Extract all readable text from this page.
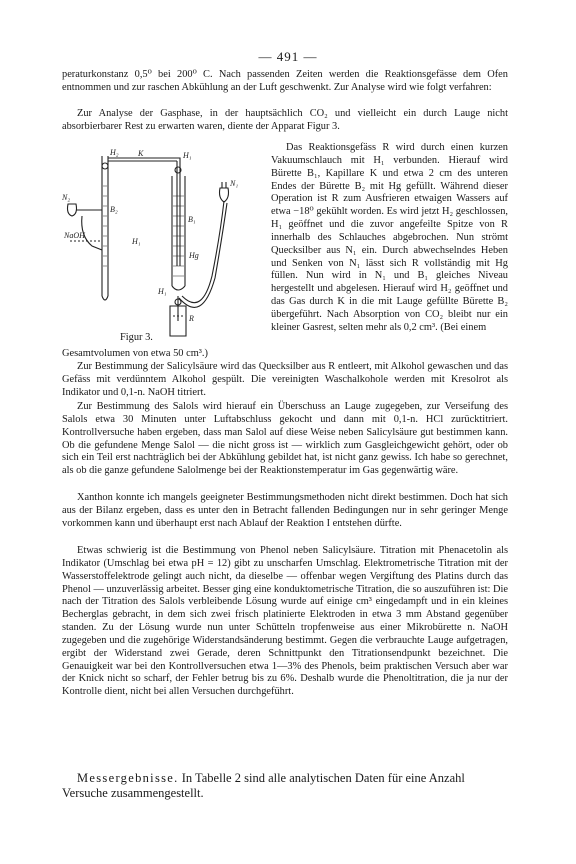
— 491 —

peraturkonstanz 0,5⁰ bei 200⁰ C. Nach passenden Zeiten werden die Reaktionsgefässe dem Ofen entnommen und zur raschen Abkühlung an der Luft geschwenkt. Zur Analyse wird wie folgt verfahren:

Zur Analyse der Gasphase, in der hauptsächlich CO₂ und vielleicht ein durch Lauge nicht absorbierbarer Rest zu erwarten waren, diente der Apparat Figur 3.

H₂ K	H₁
N₁
N₂
B₂
B₁
NaOH
H₁
Hg
H₁
R
Figur 3.

Das Reaktionsgefäss R wird durch einen kurzen Vakuumschlauch mit H₁ verbunden. Hierauf wird Bürette B₁, Kapillare K und etwa 2 cm des unteren Endes der Bürette B₂ mit Hg gefüllt. Während dieser Operation ist R zum Ausfrieren etwaigen Wassers auf etwa −18⁰ gekühlt worden. Es wird jetzt H₂ geschlossen, H₁ geöffnet und die zuvor angefeilte Spitze von R innerhalb des Schlauches abgebrochen. Nun strömt Quecksilber aus N₁ ein. Durch abwechselndes Heben und Senken von N₁ lässt sich R vollständig mit Hg füllen. Nun wird in N₁ und B₁ gleiches Niveau hergestellt und abgelesen. Hierauf wird H₂ geöffnet und das Gas durch K in die mit Lauge gefüllte Bürette B₂ übergeführt. Nach Absorption von CO₂ bleibt nur ein kleiner Gasrest, selten mehr als 0,2 cm³. (Bei einem

Gesamtvolumen von etwa 50 cm³.)

Zur Bestimmung der Salicylsäure wird das Quecksilber aus R entleert, mit Alkohol gewaschen und das Gefäss mit verdünntem Alkohol gespült. Die vereinigten Waschalkohole werden mit Kresolrot als Indikator und 0,1-n. NaOH titriert.

Zur Bestimmung des Salols wird hierauf ein Überschuss an Lauge zugegeben, zur Verseifung des Salols etwa 30 Minuten unter Luftabschluss gekocht und dann mit 0,1-n. HCl zurücktitriert. Kontrollversuche haben ergeben, dass man Salol auf diese Weise neben Salicylsäure gut bestimmen kann. Ob die gefundene Menge Salol — die nicht gross ist — wirklich zum Gasgleichgewicht gehört, oder ob sich ein Teil erst nachträglich bei der Abkühlung gebildet hat, ist nicht ganz gewiss. Ich habe so gerechnet, als ob die ganze gefundene Salolmenge bei der Reaktionstemperatur im Gas gegenwärtig wäre.

Xanthon konnte ich mangels geeigneter Bestimmungsmethoden nicht direkt bestimmen. Doch hat sich aus der Bilanz ergeben, dass es unter den in Betracht fallenden Bedingungen nur in sehr geringer Menge vorkommen kann und überhaupt erst nach Ablauf der Reaktion I entstehen dürfte.

Etwas schwierig ist die Bestimmung von Phenol neben Salicylsäure. Titration mit Phenacetolin als Indikator (Umschlag bei etwa pH = 12) gibt zu unscharfen Umschlag. Elektrometrische Titration mit der Wasserstoffelektrode gelingt auch nicht, da dieselbe — offenbar wegen Vergiftung des Platins durch das Phenol — unzuverlässig arbeitet. Besser ging eine konduktometrische Titration, die so auszuführen ist: Die nach der Titration des Salols verbleibende Lösung wurde auf einige cm³ eingedampft und in ein kleines Becherglas gebracht, in dem sich zwei frisch platinierte Elektroden in etwa 3 mm Abstand gegenüber standen. Zu der Lösung wurde nun unter Schütteln tropfenweise aus einer Mikrobürette n. NaOH zugegeben und die zugehörige Widerstandsänderung bestimmt. Gegen die verbrauchte Lauge aufgetragen, ergibt der Widerstand zwei Gerade, deren Schnittpunkt den Titrationsendpunkt bezeichnet. Die Genauigkeit war bei den Kontrollversuchen etwa 1—3% des Phenols, beim praktischen Versuch aber war der Knick nicht so scharf, der Fehler betrug bis zu 6%. Deshalb wurde die Phenoltitration, die ja nur der Kontrolle dient, nicht bei allen Versuchen durchgeführt.

Messergebnisse. In Tabelle 2 sind alle analytischen Daten für eine Anzahl Versuche zusammengestellt.
